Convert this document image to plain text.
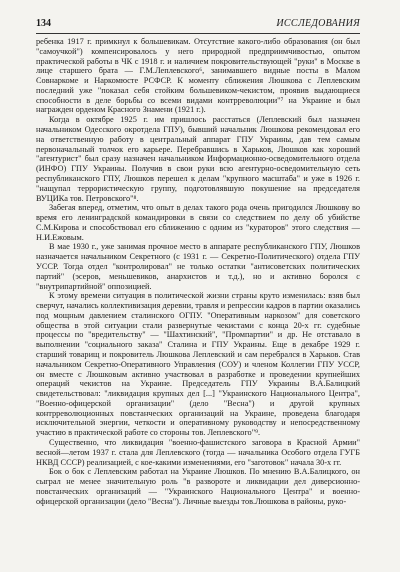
134	ИССЛЕДОВАНИЯ

ребенка 1917 г. примкнул к большевикам. Отсутствие какого-либо образования (он был "самоучкой") компенсировалось у него природной предприимчивостью, опытом практической работы в ЧК с 1918 г. и наличием покровительствующей "руки" в Москве в лице старшего брата — Г.М.Леплевского⁶, занимавшего видные посты в Малом Совнаркоме и Наркомюсте РСФСР. К моменту сближения Люшкова с Леплевским последний уже "показал себя стойким большевиком-чекистом, проявив выдающиеся способности в деле борьбы со всеми видами контрреволюции"⁷ на Украине и был награжден орденом Красного Знамени (1921 г.).

Когда в октябре 1925 г. им пришлось расстаться (Леплевский был назначен начальником Одесского окротдела ГПУ), бывший начальник Люшкова рекомендовал его на ответственную работу в центральный аппарат ГПУ Украины, дав тем самым первоначальный толчок его карьере. Перебравшись в Харьков, Люшков как хороший "агентурист" был сразу назначен начальником Информационно-осведомительного отдела (ИНФО) ГПУ Украины. Получив в свои руки всю агентурно-осведомительную сеть республиканского ГПУ, Люшков перешел к делам "крупного масштаба" и уже в 1926 г. "нащупал террористическую группу, подготовлявшую покушение на председателя ВУЦИКа тов. Петровского"⁸.

Забегая вперед, отметим, что опыт в делах такого рода очень пригодился Люшкову во время его ленинградской командировки в связи со следствием по делу об убийстве С.М.Кирова и способствовал его сближению с одним из "кураторов" этого следствия — Н.И.Ежовым.

В мае 1930 г., уже занимая прочное место в аппарате республиканского ГПУ, Люшков назначается начальником Секретного (с 1931 г. — Секретно-Политического) отдела ГПУ УССР. Тогда отдел "контролировал" не только остатки "антисоветских политических партий" (эсеров, меньшевиков, анархистов и т.д.), но и активно боролся с "внутрипартийной" оппозицией.

К этому времени ситуация в политической жизни страны круто изменилась: взяв был сверчут, начались коллективизация деревни, травля и репрессии кадров в партии оказались под мощным давлением сталинского ОГПУ. "Оперативным наркозом" для советского общества в этой ситуации стали развернутые чекистами с конца 20-х гг. судебные процессы по "вредительству" — "Шахтинский", "Промпартии" и др. Не отставало в выполнении "социального заказа" Сталина и ГПУ Украины. Еще в декабре 1929 г. старший товарищ и покровитель Люшкова Леплевский и сам перебрался в Харьков. Став начальником Секретно-Оперативного Управления (СОУ) и членом Коллегии ГПУ УССР, он вместе с Люшковым активно участвовал в разработке и проведении крупнейших операций чекистов на Украине. Председатель ГПУ Украины В.А.Балицкий свидетельствовал: "ликвидация крупных дел [...] "Украинского Национального Центра", "Военно-офицерской организации" (дело "Весна") и другой крупных контрреволюционных повстанческих организаций на Украине, проведена благодаря исключительной энергии, четкости и оперативному руководству и непосредственному участию в практической работе со стороны тов. Леплевского"⁹.

Существенно, что ликвидация "военно-фашистского заговора в Красной Армии" весной—летом 1937 г. стала для Леплевского (тогда — начальника Особого отдела ГУГБ НКВД СССР) реализацией, с кое-какими изменениями, его "заготовок" начала 30-х гг.

Бок о бок с Леплевским работал на Украине Люшков. По мнению В.А.Балицкого, он сыграл не менее значительную роль "в развороте и ликвидации дел диверсионно-повстанческих организаций — "Украинского Национального Центра" и военно-офицерской организации (дело "Весна"). Личные выезды тов.Люшкова в районы, руко-
